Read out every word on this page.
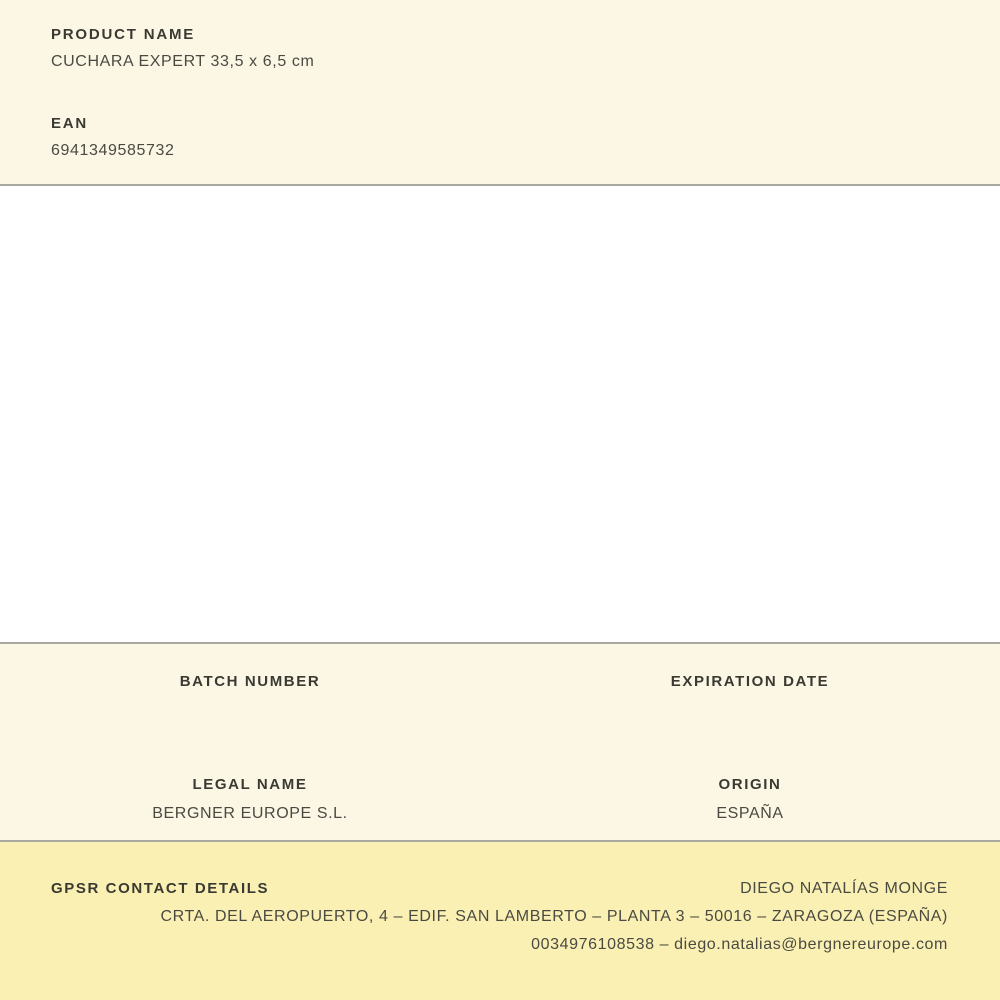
PRODUCT NAME
CUCHARA EXPERT 33,5 x 6,5 cm
EAN
6941349585732
BATCH NUMBER	EXPIRATION DATE
LEGAL NAME
BERGNER EUROPE S.L.
ORIGIN
ESPAÑA
GPSR CONTACT DETAILS	DIEGO NATALÍAS MONGE
CRTA. DEL AEROPUERTO, 4 – EDIF. SAN LAMBERTO – PLANTA 3 – 50016 – ZARAGOZA (ESPAÑA)
0034976108538 – diego.natalias@bergnereurope.com
